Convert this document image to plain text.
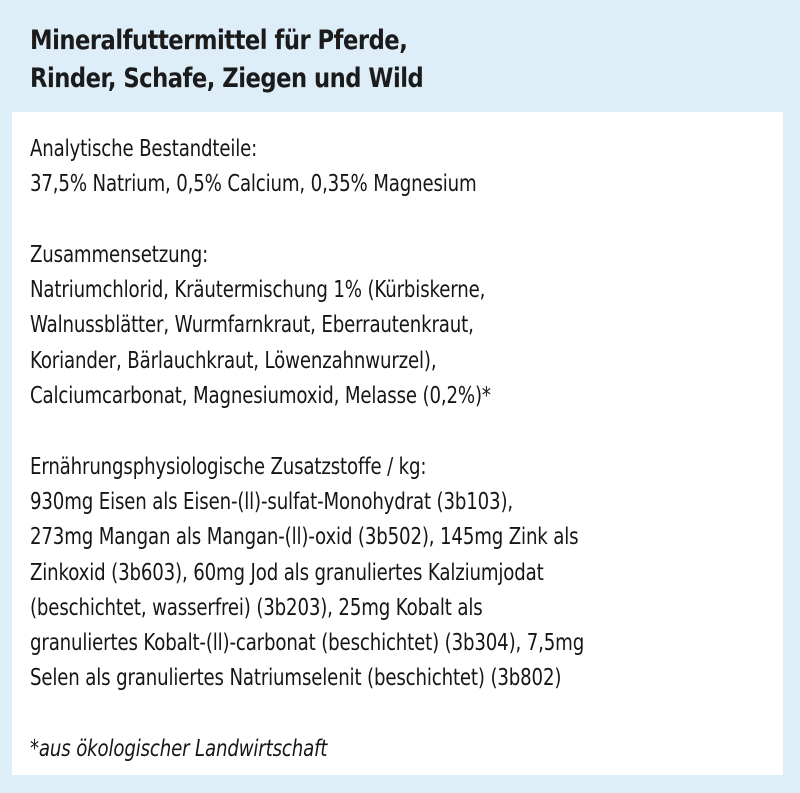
Mineralfuttermittel für Pferde,
Rinder, Schafe, Ziegen und Wild
Analytische Bestandteile:
37,5% Natrium, 0,5% Calcium, 0,35% Magnesium
Zusammensetzung:
Natriumchlorid, Kräutermischung 1% (Kürbiskerne,
Walnussblätter, Wurmfarnkraut, Eberrautenkraut,
Koriander, Bärlauchkraut, Löwenzahnwurzel),
Calciumcarbonat, Magnesiumoxid, Melasse (0,2%)*
Ernährungsphysiologische Zusatzstoffe / kg:
930mg Eisen als Eisen-(ll)-sulfat-Monohydrat (3b103),
273mg Mangan als Mangan-(ll)-oxid (3b502), 145mg Zink als
Zinkoxid (3b603), 60mg Jod als granuliertes Kalziumjodat
(beschichtet, wasserfrei) (3b203), 25mg Kobalt als
granuliertes Kobalt-(ll)-carbonat (beschichtet) (3b304), 7,5mg
Selen als granuliertes Natriumselenit (beschichtet) (3b802)

*aus ökologischer Landwirtschaft
